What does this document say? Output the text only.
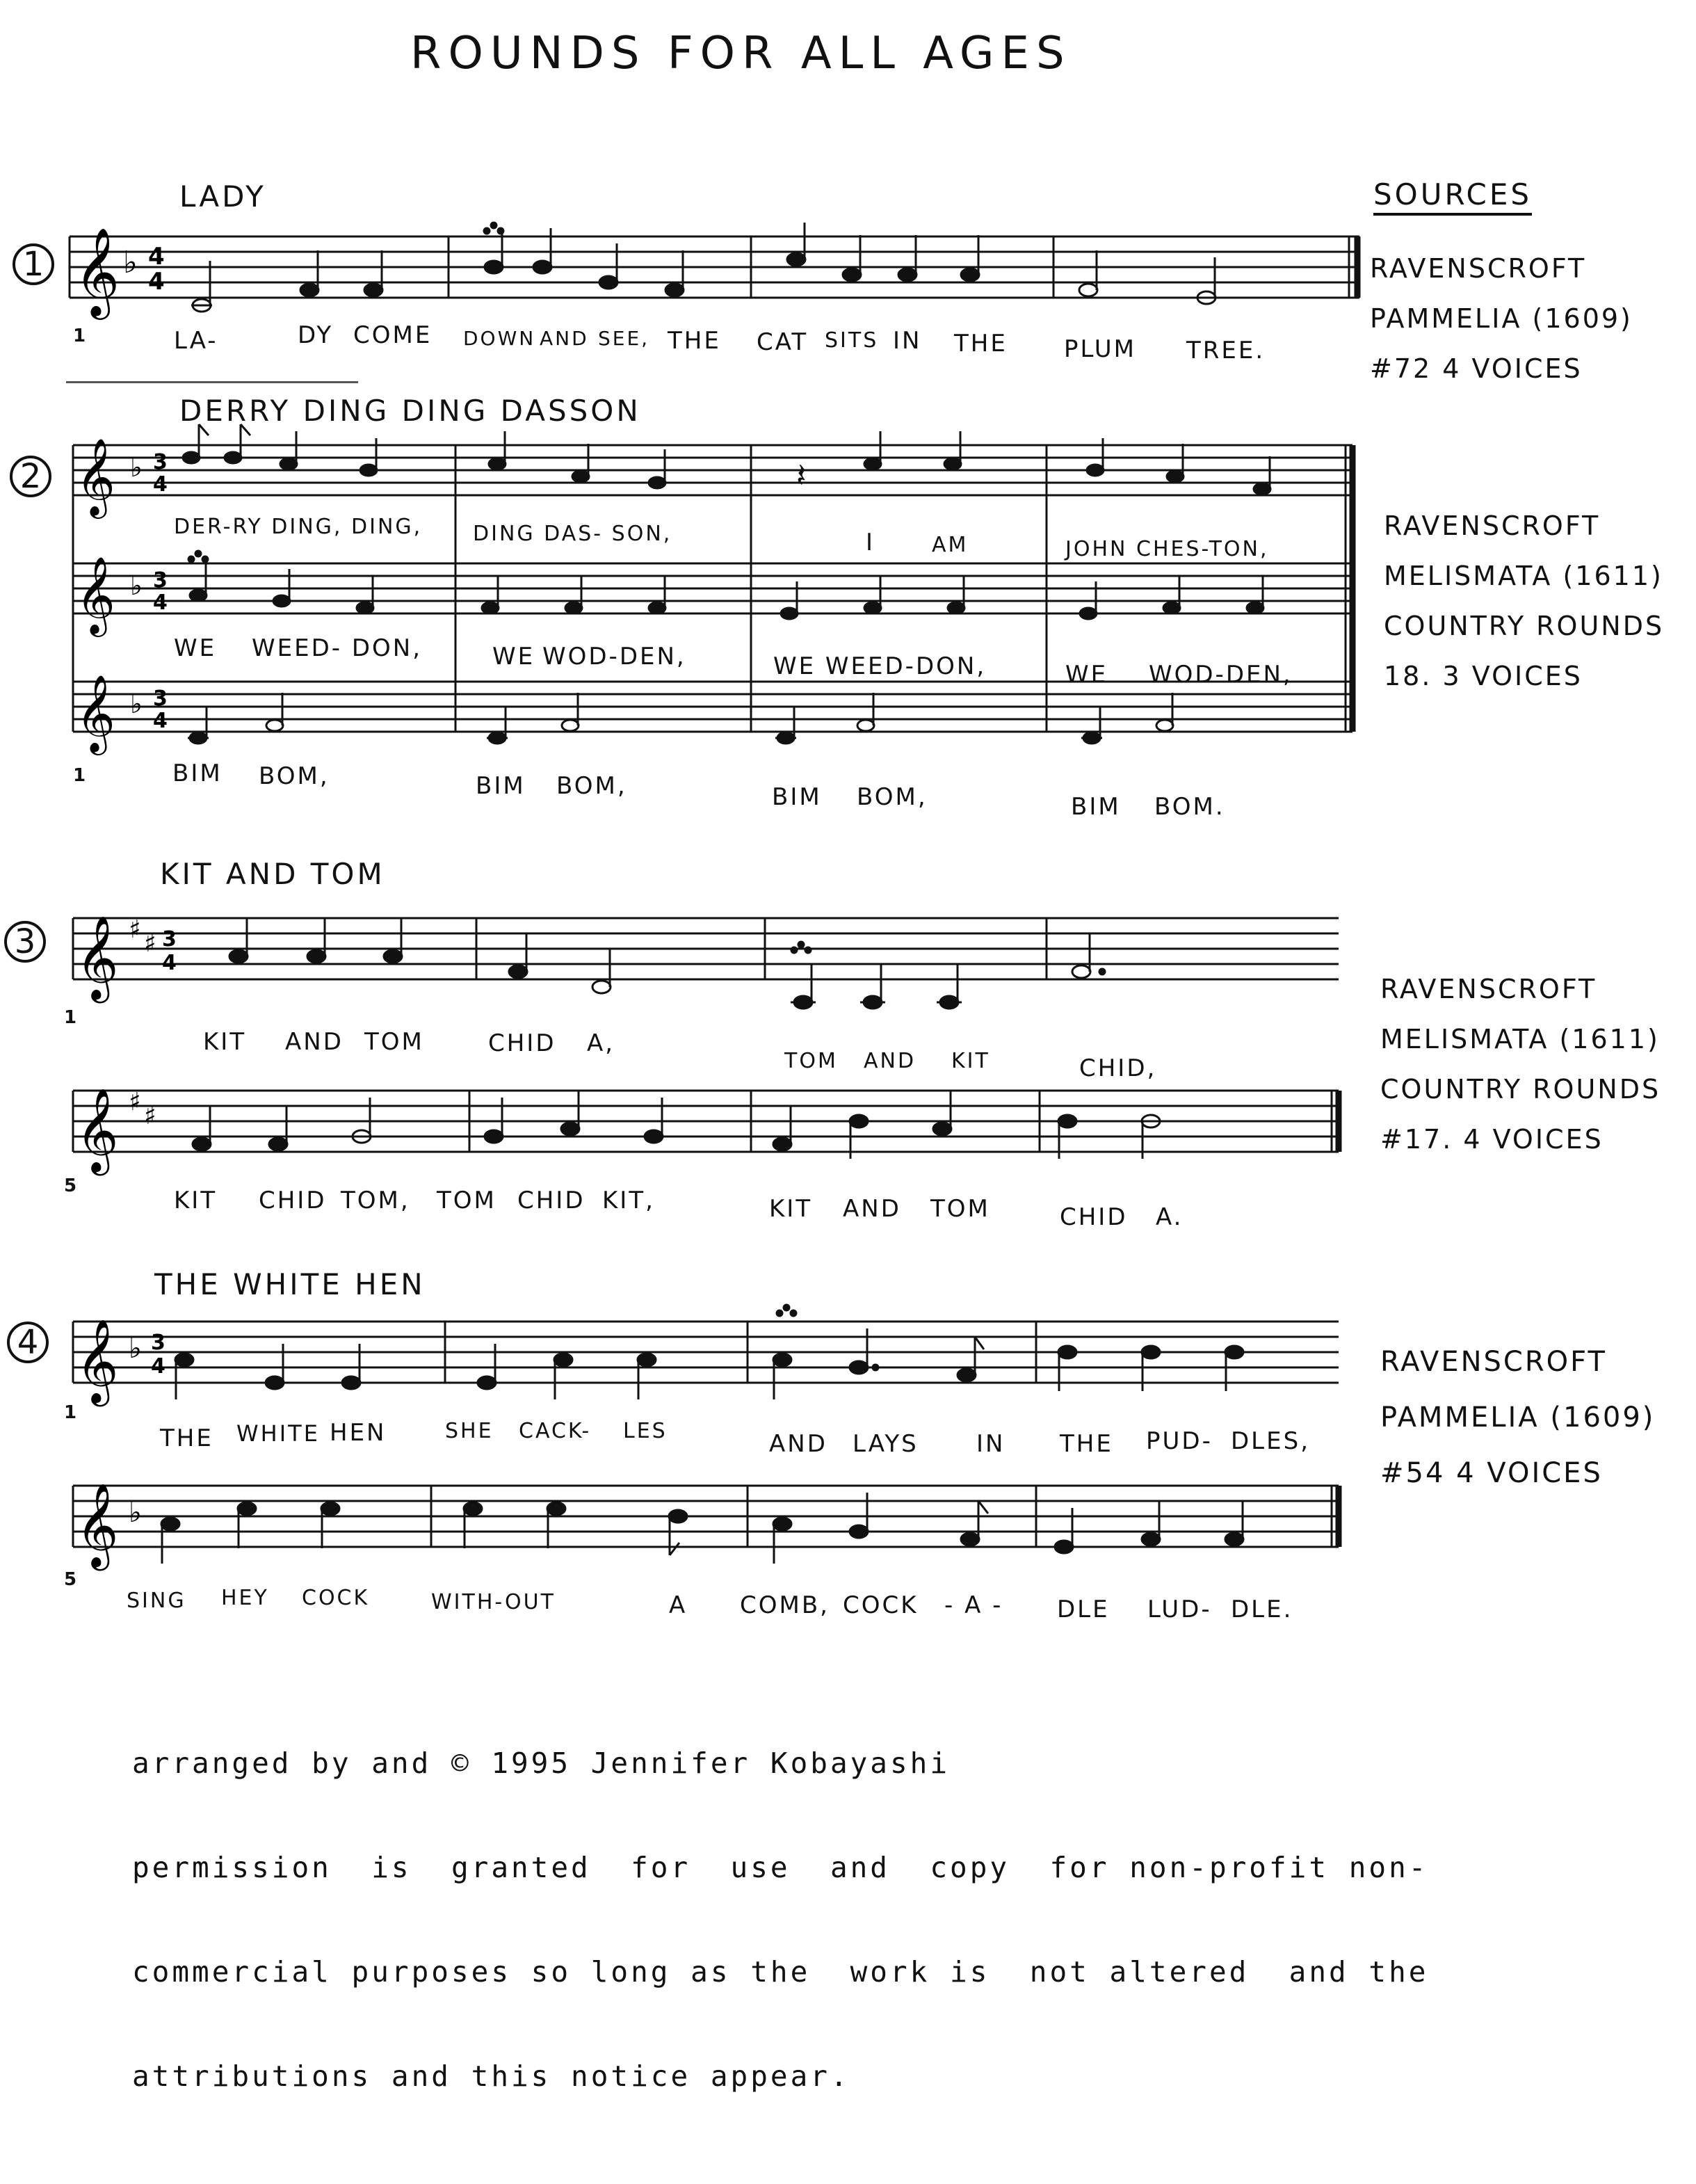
ROUNDS FOR ALL AGES
SOURCES
1
LADY
1
𝄞 ♭ 4
4
LA-	DY COME DOWN AND SEE, THE CAT SITS IN THE PLUM TREE.
RAVENSCROFT
PAMMELIA (1609)
#72 4 VOICES
2
DERRY DING DING DASSON
𝄞
𝄞
𝄞
♭
♭
♭
3
4
3
4
3
4
𝄽
1
DER-RY DING, DING, DING DAS- SON,	I	AM	JOHN CHES-TON,
WE WEED- DON,	WE WOD-DEN,	WE WEED-DON,	WE WOD-DEN,
BIM BOM,	BIM BOM,	BIM BOM,	BIM BOM.
RAVENSCROFT
MELISMATA (1611)
COUNTRY ROUNDS
18. 3 VOICES
3
KIT AND TOM
𝄞 ♯ ♯ 3
4
1
KIT AND TOM	CHID A,
TOM AND KIT	CHID,
𝄞 ♯ ♯
5
KIT CHID TOM, TOM CHID KIT,	KIT AND TOM	CHID A.
RAVENSCROFT
MELISMATA (1611)
COUNTRY ROUNDS
#17. 4 VOICES
4
THE WHITE HEN
𝄞 ♭ 3
4
1
THE WHITE HEN	SHE CACK- LES	AND LAYS IN THE PUD- DLES,
𝄞 ♭
5
SING HEY COCK	WITH-OUT	A COMB, COCK - A - DLE LUD- DLE.
RAVENSCROFT
PAMMELIA (1609)
#54 4 VOICES

arranged by and © 1995 Jennifer Kobayashi

permission  is  granted  for  use  and  copy  for non-profit non-

commercial purposes so long as the  work is  not altered  and the

attributions and this notice appear.
